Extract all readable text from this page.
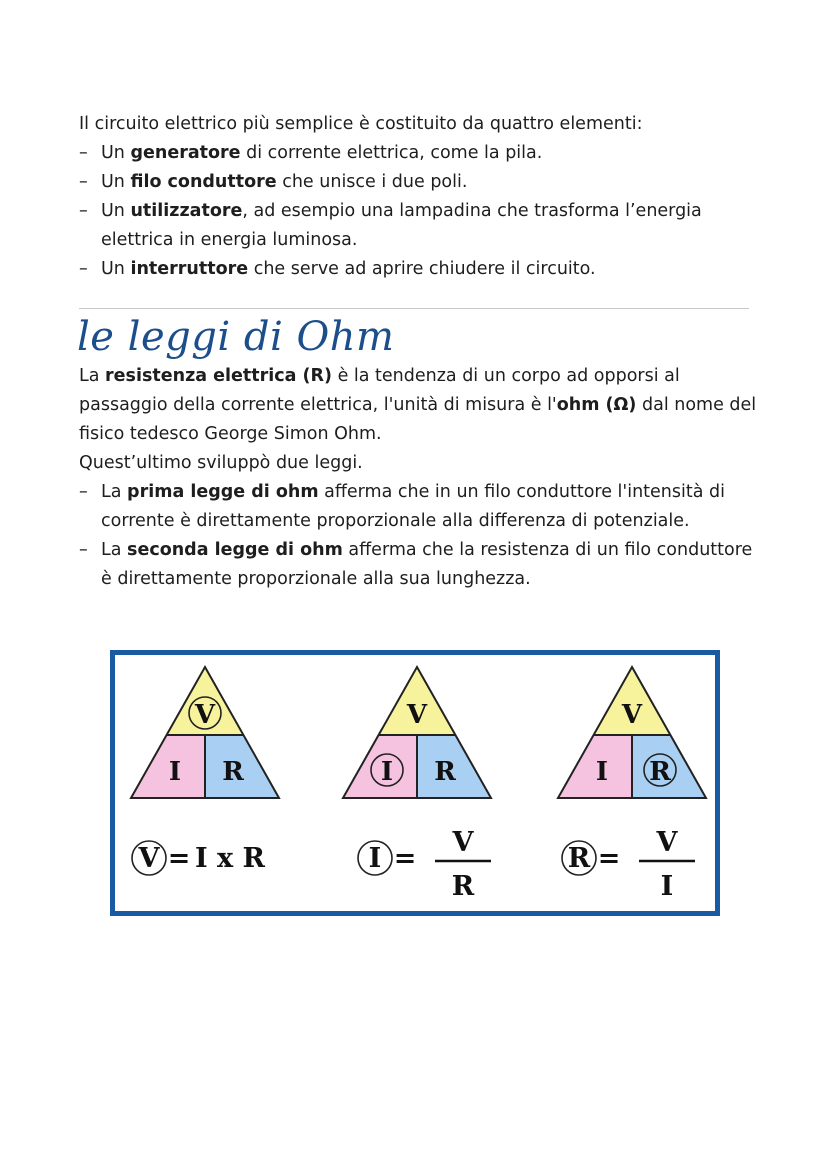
Il circuito elettrico più semplice è costituito da quattro elementi:

– Un generatore di corrente elettrica, come la pila.
– Un filo conduttore che unisce i due poli.
– Un utilizzatore, ad esempio una lampadina che trasforma l’energia elettrica in energia luminosa.
– Un interruttore che serve ad aprire chiudere il circuito.
le leggi di Ohm

La resistenza elettrica (R) è la tendenza di un corpo ad opporsi al passaggio della corrente elettrica, l'unità di misura è l'ohm (Ω) dal nome del fisico tedesco George Simon Ohm.

Quest’ultimo sviluppò due leggi.

– La prima legge di ohm afferma che in un filo conduttore l'intensità di corrente è direttamente proporzionale alla differenza di potenziale.
– La seconda legge di ohm afferma che la resistenza di un filo conduttore è direttamente proporzionale alla sua lunghezza.
V
I R
V
I R
V
I R
V = I x R	I =
V
R
R =
V
I
